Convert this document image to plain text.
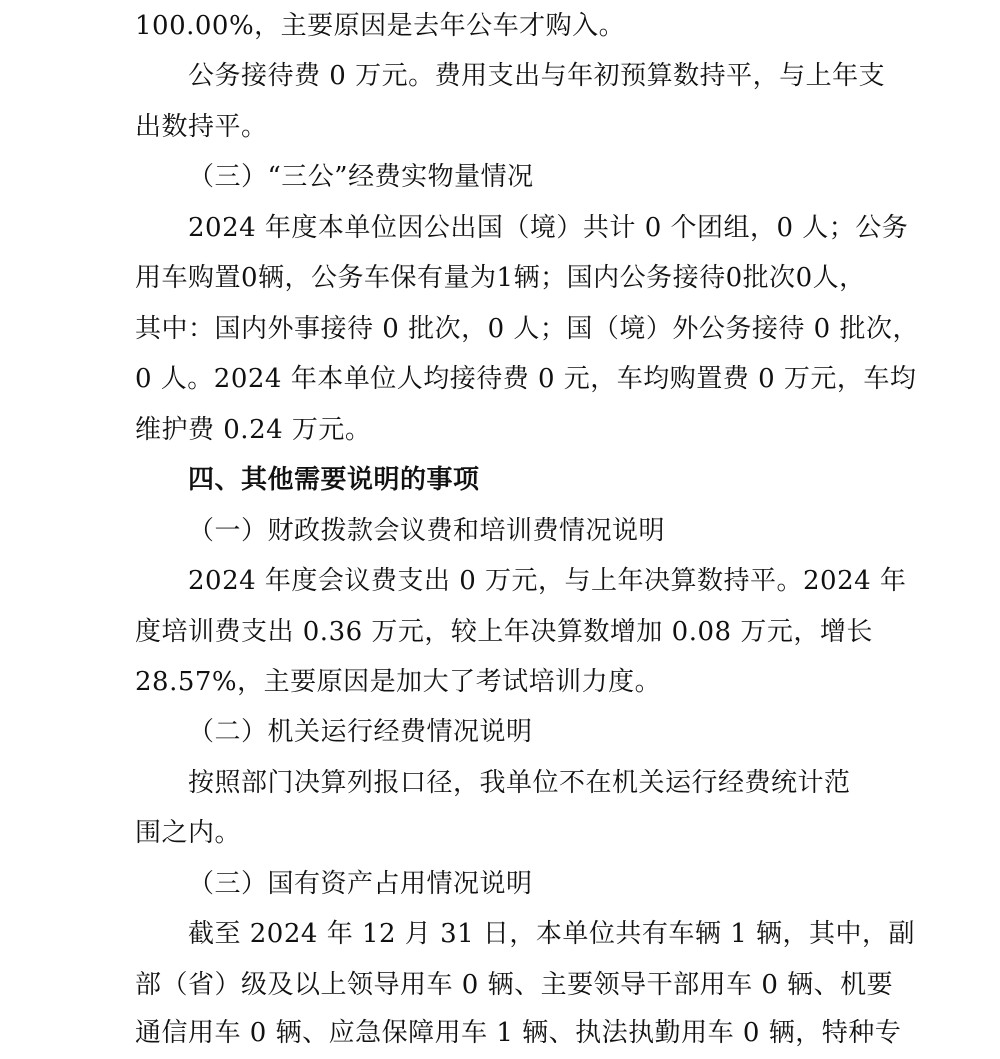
100.00%，主要原因是去年公车才购入。
公务接待费 0 万元。费用支出与年初预算数持平，与上年支
出数持平。
（三）“三公”经费实物量情况
2024 年度本单位因公出国（境）共计 0 个团组，0 人；公务
用车购置0辆，公务车保有量为1辆；国内公务接待0批次0人，
其中：国内外事接待 0 批次，0 人；国（境）外公务接待 0 批次，
0 人。2024 年本单位人均接待费 0 元，车均购置费 0 万元，车均
维护费 0.24 万元。
四、其他需要说明的事项
（一）财政拨款会议费和培训费情况说明
2024 年度会议费支出 0 万元，与上年决算数持平。2024 年
度培训费支出 0.36 万元，较上年决算数增加 0.08 万元，增长
28.57%，主要原因是加大了考试培训力度。
（二）机关运行经费情况说明
按照部门决算列报口径，我单位不在机关运行经费统计范
围之内。
（三）国有资产占用情况说明
截至 2024 年 12 月 31 日，本单位共有车辆 1 辆，其中，副
部（省）级及以上领导用车 0 辆、主要领导干部用车 0 辆、机要
通信用车 0 辆、应急保障用车 1 辆、执法执勤用车 0 辆，特种专
